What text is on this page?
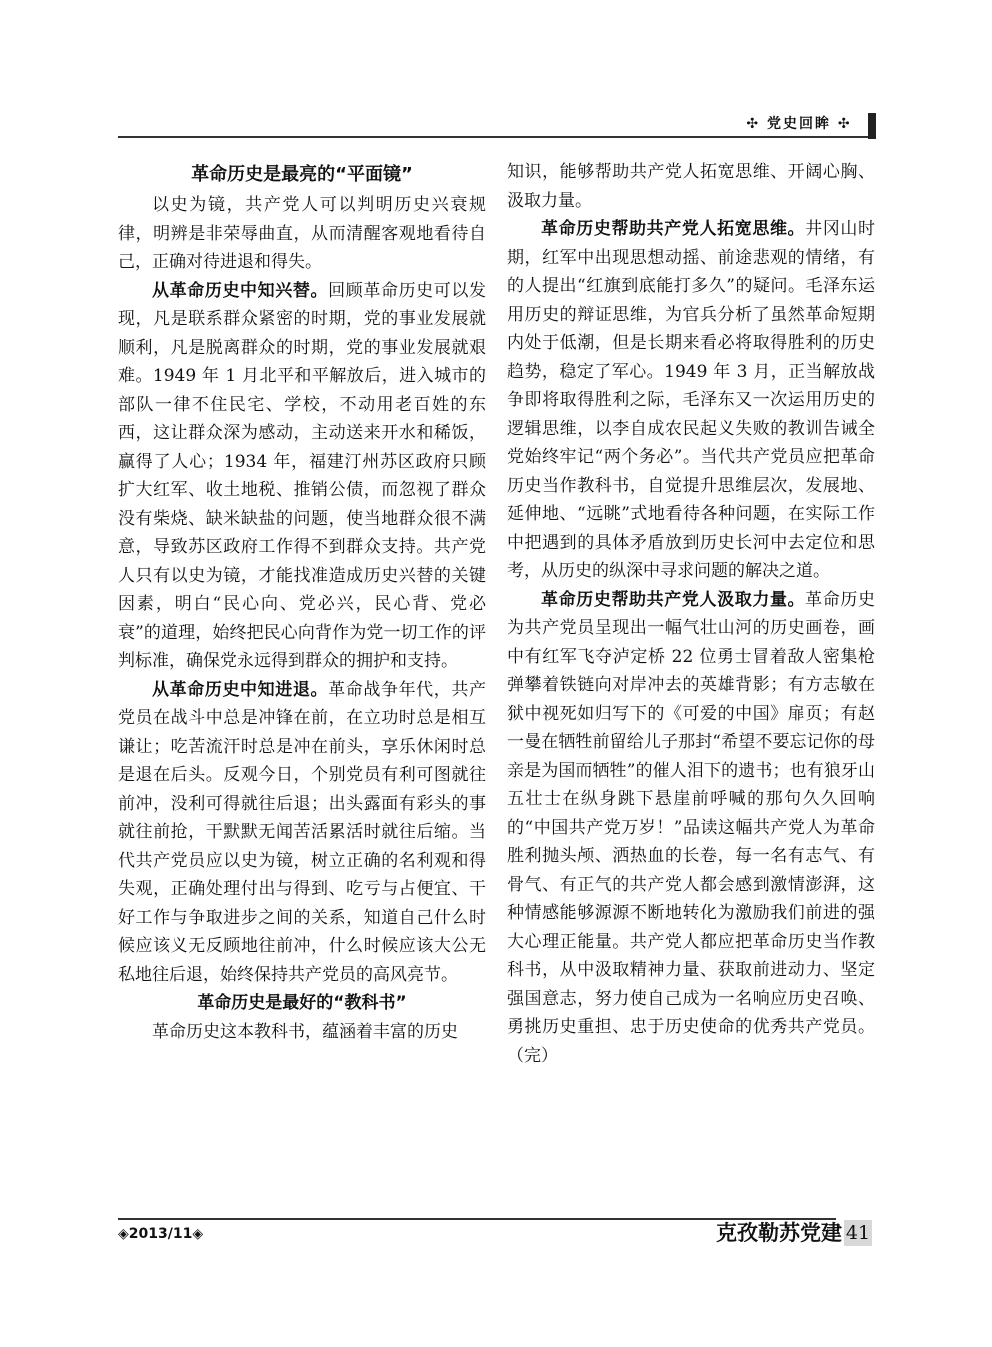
✣ 党史回眸 ✣
革命历史是最亮的“平面镜”

以史为镜，共产党人可以判明历史兴衰规律，明辨是非荣辱曲直，从而清醒客观地看待自己，正确对待进退和得失。

从革命历史中知兴替。回顾革命历史可以发现，凡是联系群众紧密的时期，党的事业发展就顺利，凡是脱离群众的时期，党的事业发展就艰难。1949 年 1 月北平和平解放后，进入城市的部队一律不住民宅、学校，不动用老百姓的东西，这让群众深为感动，主动送来开水和稀饭，赢得了人心；1934 年，福建汀州苏区政府只顾扩大红军、收土地税、推销公债，而忽视了群众没有柴烧、缺米缺盐的问题，使当地群众很不满意，导致苏区政府工作得不到群众支持。共产党人只有以史为镜，才能找准造成历史兴替的关键因素，明白“民心向、党必兴，民心背、党必衰”的道理，始终把民心向背作为党一切工作的评判标准，确保党永远得到群众的拥护和支持。

从革命历史中知进退。革命战争年代，共产党员在战斗中总是冲锋在前，在立功时总是相互谦让；吃苦流汗时总是冲在前头，享乐休闲时总是退在后头。反观今日，个别党员有利可图就往前冲，没利可得就往后退；出头露面有彩头的事就往前抢，干默默无闻苦活累活时就往后缩。当代共产党员应以史为镜，树立正确的名利观和得失观，正确处理付出与得到、吃亏与占便宜、干好工作与争取进步之间的关系，知道自己什么时候应该义无反顾地往前冲，什么时候应该大公无私地往后退，始终保持共产党员的高风亮节。

革命历史是最好的“教科书”

革命历史这本教科书，蕴涵着丰富的历史

知识，能够帮助共产党人拓宽思维、开阔心胸、汲取力量。

革命历史帮助共产党人拓宽思维。井冈山时期，红军中出现思想动摇、前途悲观的情绪，有的人提出“红旗到底能打多久”的疑问。毛泽东运用历史的辩证思维，为官兵分析了虽然革命短期内处于低潮，但是长期来看必将取得胜利的历史趋势，稳定了军心。1949 年 3 月，正当解放战争即将取得胜利之际，毛泽东又一次运用历史的逻辑思维，以李自成农民起义失败的教训告诫全党始终牢记“两个务必”。当代共产党员应把革命历史当作教科书，自觉提升思维层次，发展地、延伸地、“远眺”式地看待各种问题，在实际工作中把遇到的具体矛盾放到历史长河中去定位和思考，从历史的纵深中寻求问题的解决之道。

革命历史帮助共产党人汲取力量。革命历史为共产党员呈现出一幅气壮山河的历史画卷，画中有红军飞夺泸定桥 22 位勇士冒着敌人密集枪弹攀着铁链向对岸冲去的英雄背影；有方志敏在狱中视死如归写下的《可爱的中国》扉页；有赵一曼在牺牲前留给儿子那封“希望不要忘记你的母亲是为国而牺牲”的催人泪下的遗书；也有狼牙山五壮士在纵身跳下悬崖前呼喊的那句久久回响的“中国共产党万岁！”品读这幅共产党人为革命胜利抛头颅、洒热血的长卷，每一名有志气、有骨气、有正气的共产党人都会感到激情澎湃，这种情感能够源源不断地转化为激励我们前进的强大心理正能量。共产党人都应把革命历史当作教科书，从中汲取精神力量、获取前进动力、坚定强国意志，努力使自己成为一名响应历史召唤、勇挑历史重担、忠于历史使命的优秀共产党员。（完）

◈2013/11◈	克孜勒苏党建 41
